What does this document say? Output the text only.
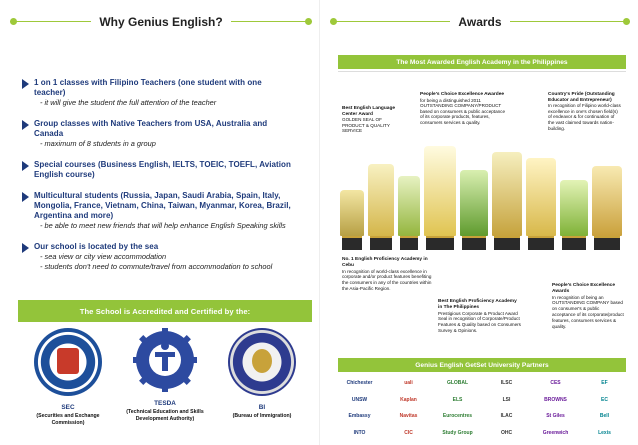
Why Genius English?
1 on 1 classes with Filipino Teachers (one student with one teacher)
- it will give the student the full attention of the teacher
Group classes with Native Teachers from USA, Australia and Canada
- maximum of 8 students in a group
Special courses (Business English, IELTS, TOEIC, TOEFL, Aviation English course)
Multicultural students (Russia, Japan, Saudi Arabia, Spain, Italy, Mongolia, France, Vietnam, China, Taiwan, Myanmar, Korea, Brazil, Argentina and more)
- be able to meet new friends that will help enhance English Speaking skills
Our school is located by the sea
- sea view or city view accommodation
- students don't need to commute/travel from accommodation to school
The School is Accredited and Certified by the:
SEC
(Securities and Exchange Commission)
TESDA
(Technical Education and Skills Development Authority)
BI
(Bureau of Immigration)
Awards
The Most Awarded English Academy in the Philippines
Best English Language Center Award
GOLDEN SEAL OF PRODUCT & QUALITY SERVICE
People's Choice Excellence Awardee
for being a distinguished 2011 OUTSTANDING COMPANY/PRODUCT based on consumers & public acceptance of its corporate products, features, consumers services & quality.
Country's Pride (Outstanding Educator and Entrepreneur)
In recognition of Filipino world-class excellence in one's chosen field(s) of endeavor & for continuation of the vast claimed towards nation-building.
No. 1 English Proficiency Academy in Cebu
In recognition of world-class excellence in corporate and/or product features benefiting the consumers in any of the countries within the Asia-Pacific Region.
Best English Proficiency Academy in The Philippines
Prestigious Corporate & Product Award Seal in recognition of Corporate/Product Features & Quality based on Consumers Survey & Opinions.
People's Choice Excellence Awards
In recognition of being an OUTSTANDING COMPANY based on consumer's & public acceptance of its corporate/product features, consumers services & quality.
Genius English GetSet University Partners
Chichester	uali	GLOBAL	ILSC	CES	EF
UNSW	Kaplan	ELS	LSI	BROWNS	EC
Embassy	Navitas	Eurocentres	ILAC	St Giles	Bell
INTO	CIC	Study Group	OHC	Greenwich	Lexis
